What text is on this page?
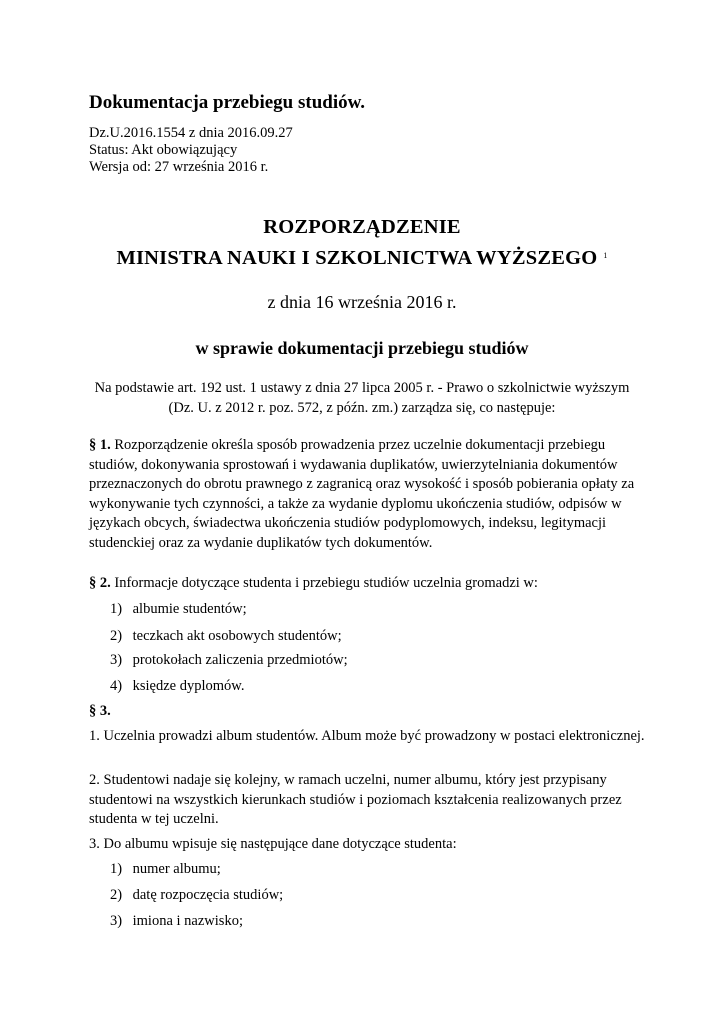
Dokumentacja przebiegu studiów.
Dz.U.2016.1554 z dnia 2016.09.27
Status: Akt obowiązujący
Wersja od: 27 września 2016 r.
ROZPORZĄDZENIE
MINISTRA NAUKI I SZKOLNICTWA WYŻSZEGO $^1$
z dnia 16 września 2016 r.
w sprawie dokumentacji przebiegu studiów
Na podstawie art. 192 ust. 1 ustawy z dnia 27 lipca 2005 r. - Prawo o szkolnictwie wyższym
(Dz. U. z 2012 r. poz. 572, z późn. zm.) zarządza się, co następuje:
§ 1. Rozporządzenie określa sposób prowadzenia przez uczelnie dokumentacji przebiegu studiów, dokonywania sprostowań i wydawania duplikatów, uwierzytelniania dokumentów przeznaczonych do obrotu prawnego z zagranicą oraz wysokość i sposób pobierania opłaty za wykonywanie tych czynności, a także za wydanie dyplomu ukończenia studiów, odpisów w językach obcych, świadectwa ukończenia studiów podyplomowych, indeksu, legitymacji studenckiej oraz za wydanie duplikatów tych dokumentów.
§ 2. Informacje dotyczące studenta i przebiegu studiów uczelnia gromadzi w:
1) albumie studentów;
2) teczkach akt osobowych studentów;
3) protokołach zaliczenia przedmiotów;
4) księdze dyplomów.
§ 3.
1. Uczelnia prowadzi album studentów. Album może być prowadzony w postaci elektronicznej.
2. Studentowi nadaje się kolejny, w ramach uczelni, numer albumu, który jest przypisany studentowi na wszystkich kierunkach studiów i poziomach kształcenia realizowanych przez studenta w tej uczelni.
3. Do albumu wpisuje się następujące dane dotyczące studenta:
1) numer albumu;
2) datę rozpoczęcia studiów;
3) imiona i nazwisko;
